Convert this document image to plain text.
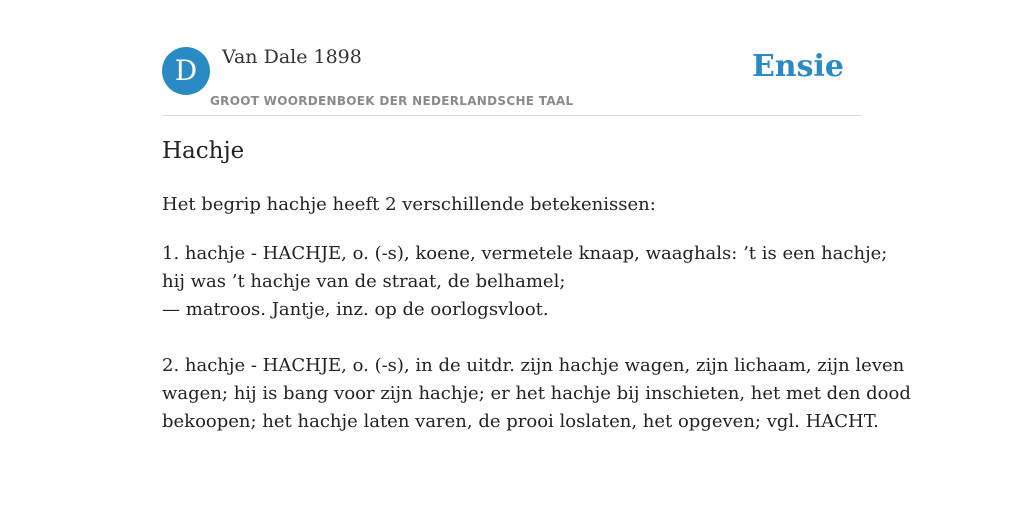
D	Van Dale 1898
GROOT WOORDENBOEK DER NEDERLANDSCHE TAAL
Ensie
Hachje
Het begrip hachje heeft 2 verschillende betekenissen:

1. hachje - HACHJE, o. (-s), koene, vermetele knaap, waaghals: ’t is een hachje;
hij was ’t hachje van de straat, de belhamel;
— matroos. Jantje, inz. op de oorlogsvloot.

2. hachje - HACHJE, o. (-s), in de uitdr. zijn hachje wagen, zijn lichaam, zijn leven
wagen; hij is bang voor zijn hachje; er het hachje bij inschieten, het met den dood
bekoopen; het hachje laten varen, de prooi loslaten, het opgeven; vgl. HACHT.
